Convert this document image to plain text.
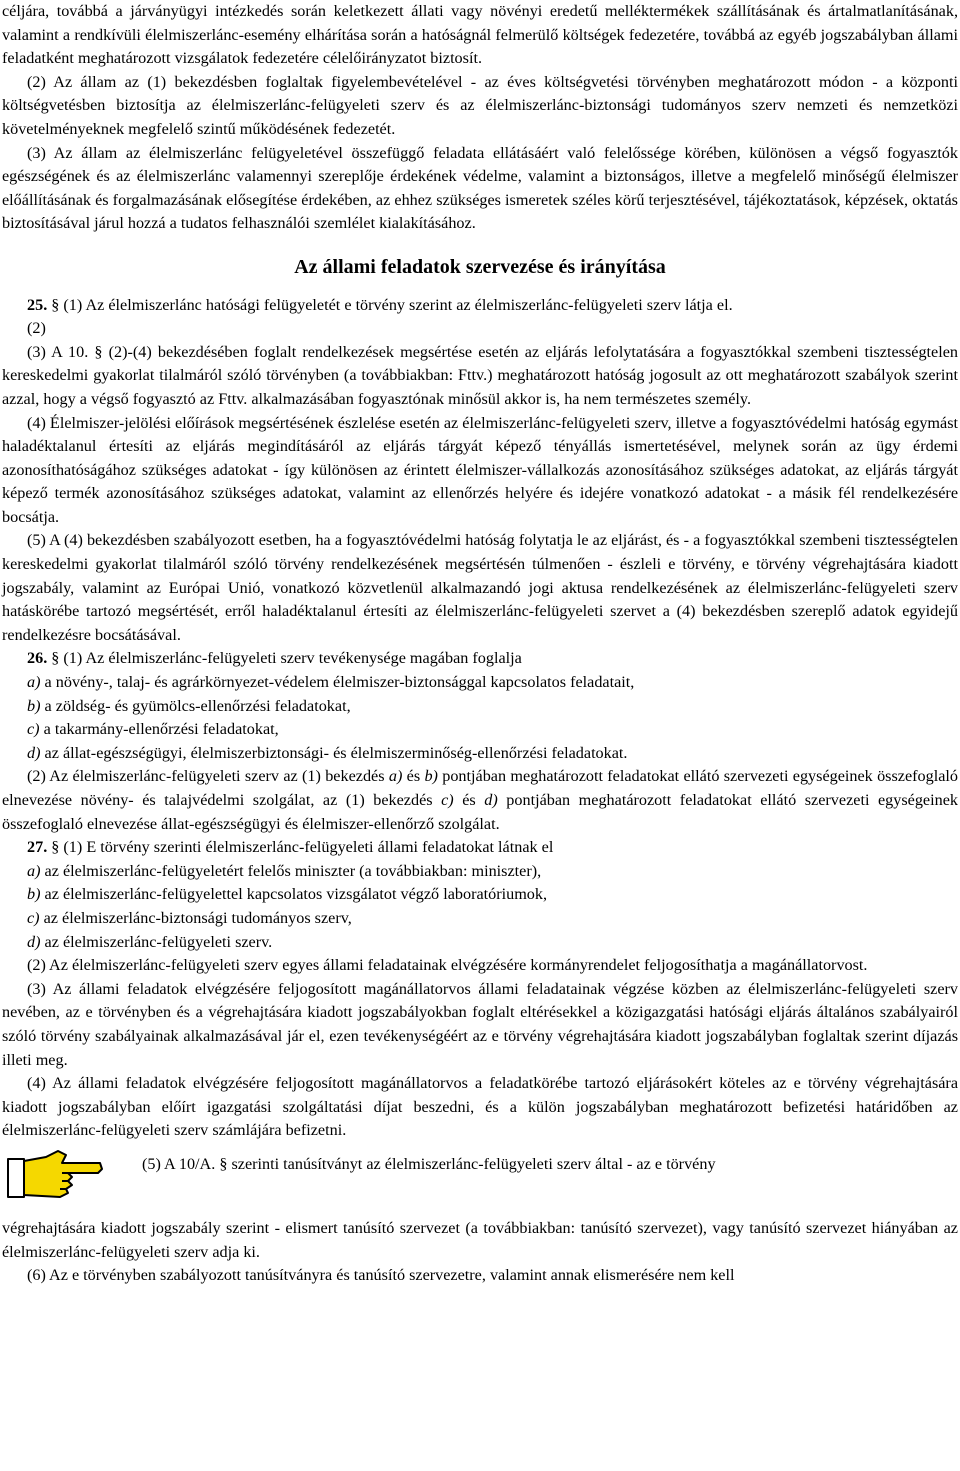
céljára, továbbá a járványügyi intézkedés során keletkezett állati vagy növényi eredetű melléktermékek szállításának és ártalmatlanításának, valamint a rendkívüli élelmiszerlánc-esemény elhárítása során a hatóságnál felmerülő költségek fedezetére, továbbá az egyéb jogszabályban állami feladatként meghatározott vizsgálatok fedezetére célelőirányzatot biztosít.

(2) Az állam az (1) bekezdésben foglaltak figyelembevételével - az éves költségvetési törvényben meghatározott módon - a központi költségvetésben biztosítja az élelmiszerlánc-felügyeleti szerv és az élelmiszerlánc-biztonsági tudományos szerv nemzeti és nemzetközi követelményeknek megfelelő szintű működésének fedezetét.

(3) Az állam az élelmiszerlánc felügyeletével összefüggő feladata ellátásáért való felelőssége körében, különösen a végső fogyasztók egészségének és az élelmiszerlánc valamennyi szereplője érdekének védelme, valamint a biztonságos, illetve a megfelelő minőségű élelmiszer előállításának és forgalmazásának elősegítése érdekében, az ehhez szükséges ismeretek széles körű terjesztésével, tájékoztatások, képzések, oktatás biztosításával járul hozzá a tudatos felhasználói szemlélet kialakításához.

Az állami feladatok szervezése és irányítása

25. § (1) Az élelmiszerlánc hatósági felügyeletét e törvény szerint az élelmiszerlánc-felügyeleti szerv látja el.

(2)

(3) A 10. § (2)-(4) bekezdésében foglalt rendelkezések megsértése esetén az eljárás lefolytatására a fogyasztókkal szembeni tisztességtelen kereskedelmi gyakorlat tilalmáról szóló törvényben (a továbbiakban: Fttv.) meghatározott hatóság jogosult az ott meghatározott szabályok szerint azzal, hogy a végső fogyasztó az Fttv. alkalmazásában fogyasztónak minősül akkor is, ha nem természetes személy.

(4) Élelmiszer-jelölési előírások megsértésének észlelése esetén az élelmiszerlánc-felügyeleti szerv, illetve a fogyasztóvédelmi hatóság egymást haladéktalanul értesíti az eljárás megindításáról az eljárás tárgyát képező tényállás ismertetésével, melynek során az ügy érdemi azonosíthatóságához szükséges adatokat - így különösen az érintett élelmiszer-vállalkozás azonosításához szükséges adatokat, az eljárás tárgyát képező termék azonosításához szükséges adatokat, valamint az ellenőrzés helyére és idejére vonatkozó adatokat - a másik fél rendelkezésére bocsátja.

(5) A (4) bekezdésben szabályozott esetben, ha a fogyasztóvédelmi hatóság folytatja le az eljárást, és - a fogyasztókkal szembeni tisztességtelen kereskedelmi gyakorlat tilalmáról szóló törvény rendelkezésének megsértésén túlmenően - észleli e törvény, e törvény végrehajtására kiadott jogszabály, valamint az Európai Unió, vonatkozó közvetlenül alkalmazandó jogi aktusa rendelkezésének az élelmiszerlánc-felügyeleti szerv hatáskörébe tartozó megsértését, erről haladéktalanul értesíti az élelmiszerlánc-felügyeleti szervet a (4) bekezdésben szereplő adatok egyidejű rendelkezésre bocsátásával.

26. § (1) Az élelmiszerlánc-felügyeleti szerv tevékenysége magában foglalja

a) a növény-, talaj- és agrárkörnyezet-védelem élelmiszer-biztonsággal kapcsolatos feladatait,

b) a zöldség- és gyümölcs-ellenőrzési feladatokat,

c) a takarmány-ellenőrzési feladatokat,

d) az állat-egészségügyi, élelmiszerbiztonsági- és élelmiszerminőség-ellenőrzési feladatokat.

(2) Az élelmiszerlánc-felügyeleti szerv az (1) bekezdés a) és b) pontjában meghatározott feladatokat ellátó szervezeti egységeinek összefoglaló elnevezése növény- és talajvédelmi szolgálat, az (1) bekezdés c) és d) pontjában meghatározott feladatokat ellátó szervezeti egységeinek összefoglaló elnevezése állat-egészségügyi és élelmiszer-ellenőrző szolgálat.

27. § (1) E törvény szerinti élelmiszerlánc-felügyeleti állami feladatokat látnak el

a) az élelmiszerlánc-felügyeletért felelős miniszter (a továbbiakban: miniszter),

b) az élelmiszerlánc-felügyelettel kapcsolatos vizsgálatot végző laboratóriumok,

c) az élelmiszerlánc-biztonsági tudományos szerv,

d) az élelmiszerlánc-felügyeleti szerv.

(2) Az élelmiszerlánc-felügyeleti szerv egyes állami feladatainak elvégzésére kormányrendelet feljogosíthatja a magánállatorvost.

(3) Az állami feladatok elvégzésére feljogosított magánállatorvos állami feladatainak végzése közben az élelmiszerlánc-felügyeleti szerv nevében, az e törvényben és a végrehajtására kiadott jogszabályokban foglalt eltérésekkel a közigazgatási hatósági eljárás általános szabályairól szóló törvény szabályainak alkalmazásával jár el, ezen tevékenységéért az e törvény végrehajtására kiadott jogszabályban foglaltak szerint díjazás illeti meg.

(4) Az állami feladatok elvégzésére feljogosított magánállatorvos a feladatkörébe tartozó eljárásokért köteles az e törvény végrehajtására kiadott jogszabályban előírt igazgatási szolgáltatási díjat beszedni, és a külön jogszabályban meghatározott befizetési határidőben az élelmiszerlánc-felügyeleti szerv számlájára befizetni.

(5) A 10/A. § szerinti tanúsítványt az élelmiszerlánc-felügyeleti szerv által - az e törvény

végrehajtására kiadott jogszabály szerint - elismert tanúsító szervezet (a továbbiakban: tanúsító szervezet), vagy tanúsító szervezet hiányában az élelmiszerlánc-felügyeleti szerv adja ki.

(6) Az e törvényben szabályozott tanúsítványra és tanúsító szervezetre, valamint annak elismerésére nem kell
